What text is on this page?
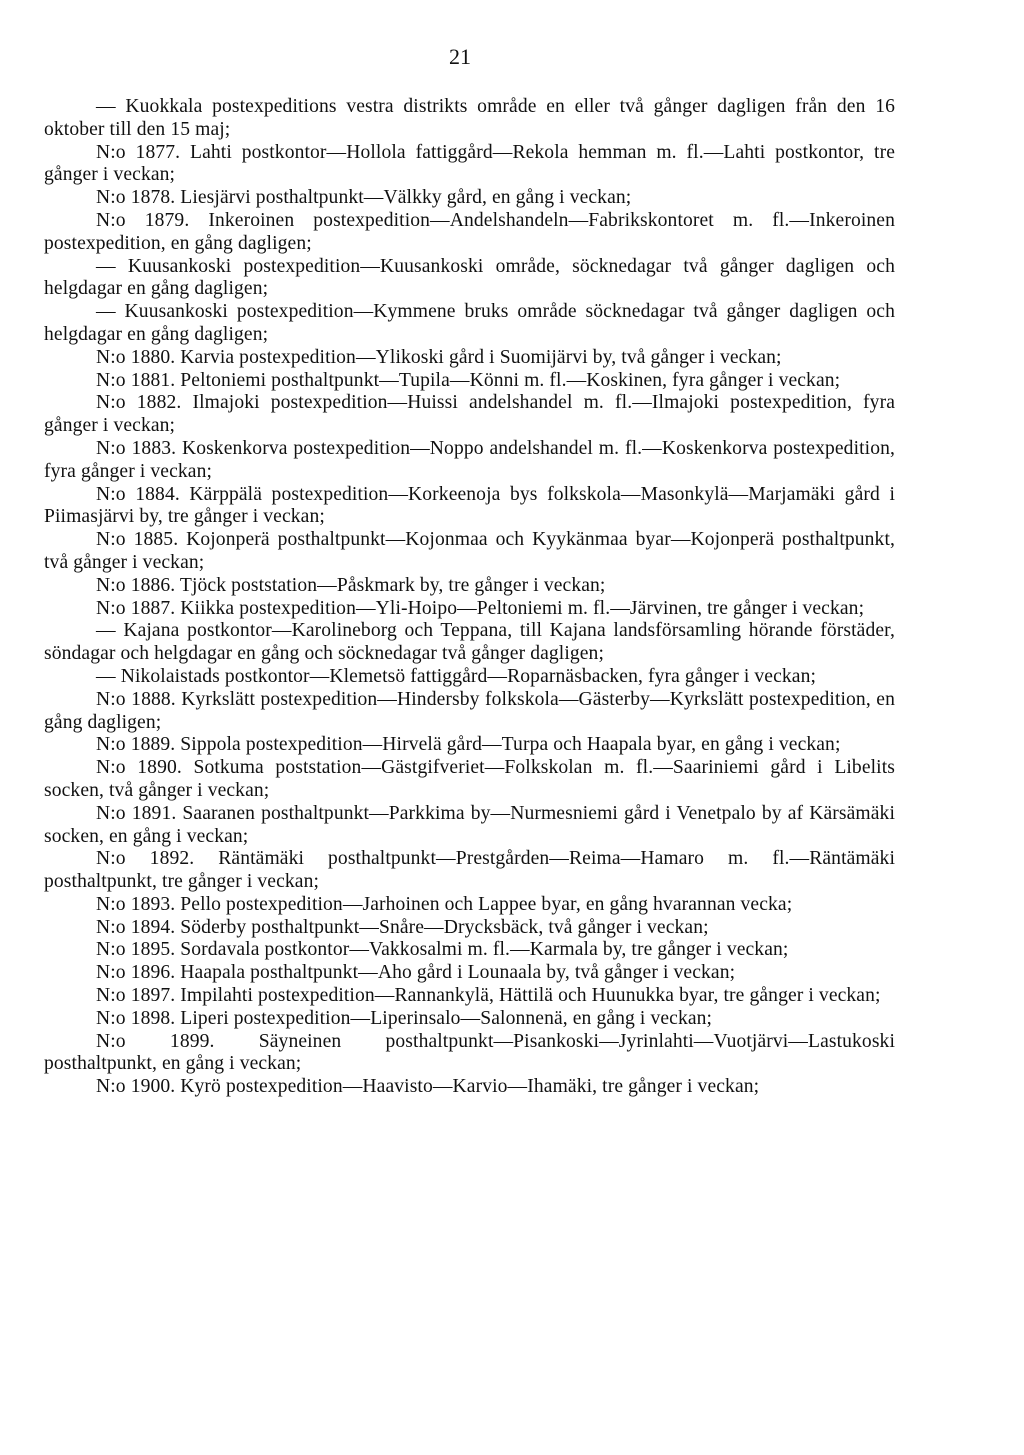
21

— Kuokkala postexpeditions vestra distrikts område en eller två gånger dagligen från den 16 oktober till den 15 maj;

N:o 1877. Lahti postkontor—Hollola fattiggård—Rekola hemman m. fl.—Lahti postkontor, tre gånger i veckan;

N:o 1878. Liesjärvi posthaltpunkt—Välkky gård, en gång i veckan;

N:o 1879. Inkeroinen postexpedition—Andelshandeln—Fabrikskontoret m. fl.—Inkeroinen postexpedition, en gång dagligen;

— Kuusankoski postexpedition—Kuusankoski område, söcknedagar två gånger dagligen och helgdagar en gång dagligen;

— Kuusankoski postexpedition—Kymmene bruks område söcknedagar två gånger dagligen och helgdagar en gång dagligen;

N:o 1880. Karvia postexpedition—Ylikoski gård i Suomijärvi by, två gånger i veckan;

N:o 1881. Peltoniemi posthaltpunkt—Tupila—Könni m. fl.—Koskinen, fyra gånger i veckan;

N:o 1882. Ilmajoki postexpedition—Huissi andelshandel m. fl.—Ilmajoki postexpedition, fyra gånger i veckan;

N:o 1883. Koskenkorva postexpedition—Noppo andelshandel m. fl.—Koskenkorva postexpedition, fyra gånger i veckan;

N:o 1884. Kärppälä postexpedition—Korkeenoja bys folkskola—Masonkylä—Marjamäki gård i Piimasjärvi by, tre gånger i veckan;

N:o 1885. Kojonperä posthaltpunkt—Kojonmaa och Kyykänmaa byar—Kojonperä posthaltpunkt, två gånger i veckan;

N:o 1886. Tjöck poststation—Påskmark by, tre gånger i veckan;

N:o 1887. Kiikka postexpedition—Yli-Hoipo—Peltoniemi m. fl.—Järvinen, tre gånger i veckan;

— Kajana postkontor—Karolineborg och Teppana, till Kajana landsförsamling hörande förstäder, söndagar och helgdagar en gång och söcknedagar två gånger dagligen;

— Nikolaistads postkontor—Klemetsö fattiggård—Roparnäsbacken, fyra gånger i veckan;

N:o 1888. Kyrkslätt postexpedition—Hindersby folkskola—Gästerby—Kyrkslätt postexpedition, en gång dagligen;

N:o 1889. Sippola postexpedition—Hirvelä gård—Turpa och Haapala byar, en gång i veckan;

N:o 1890. Sotkuma poststation—Gästgifveriet—Folkskolan m. fl.—Saariniemi gård i Libelits socken, två gånger i veckan;

N:o 1891. Saaranen posthaltpunkt—Parkkima by—Nurmesniemi gård i Venetpalo by af Kärsämäki socken, en gång i veckan;

N:o 1892. Räntämäki posthaltpunkt—Prestgården—Reima—Hamaro m. fl.—Räntämäki posthaltpunkt, tre gånger i veckan;

N:o 1893. Pello postexpedition—Jarhoinen och Lappee byar, en gång hvarannan vecka;

N:o 1894. Söderby posthaltpunkt—Snåre—Drycksbäck, två gånger i veckan;

N:o 1895. Sordavala postkontor—Vakkosalmi m. fl.—Karmala by, tre gånger i veckan;

N:o 1896. Haapala posthaltpunkt—Aho gård i Lounaala by, två gånger i veckan;

N:o 1897. Impilahti postexpedition—Rannankylä, Hättilä och Huunukka byar, tre gånger i veckan;

N:o 1898. Liperi postexpedition—Liperinsalo—Salonnenä, en gång i veckan;

N:o 1899. Säyneinen posthaltpunkt—Pisankoski—Jyrinlahti—Vuotjärvi—Lastukoski posthaltpunkt, en gång i veckan;

N:o 1900. Kyrö postexpedition—Haavisto—Karvio—Ihamäki, tre gånger i veckan;
